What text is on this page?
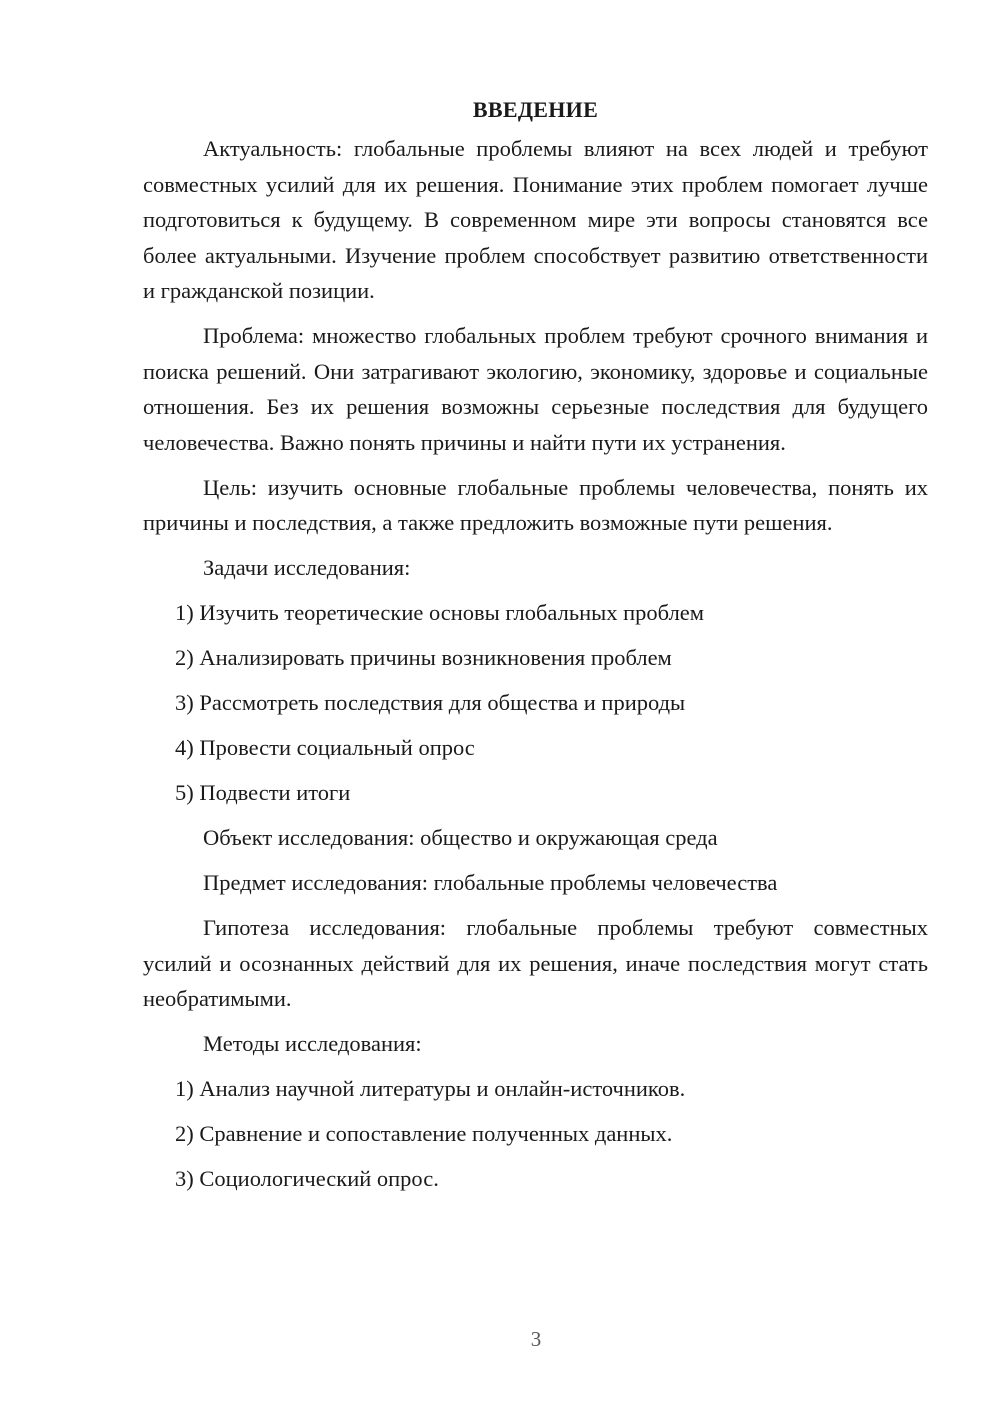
ВВЕДЕНИЕ

Актуальность: глобальные проблемы влияют на всех людей и требуют совместных усилий для их решения. Понимание этих проблем помогает лучше подготовиться к будущему. В современном мире эти вопросы становятся все более актуальными. Изучение проблем способствует развитию ответственности и гражданской позиции.

Проблема: множество глобальных проблем требуют срочного внимания и поиска решений. Они затрагивают экологию, экономику, здоровье и социальные отношения. Без их решения возможны серьезные последствия для будущего человечества. Важно понять причины и найти пути их устранения.

Цель: изучить основные глобальные проблемы человечества, понять их причины и последствия, а также предложить возможные пути решения.

Задачи исследования:
1) Изучить теоретические основы глобальных проблем
2) Анализировать причины возникновения проблем
3) Рассмотреть последствия для общества и природы
4) Провести социальный опрос
5) Подвести итоги
Объект исследования: общество и окружающая среда
Предмет исследования: глобальные проблемы человечества

Гипотеза исследования: глобальные проблемы требуют совместных усилий и осознанных действий для их решения, иначе последствия могут стать необратимыми.

Методы исследования:
1) Анализ научной литературы и онлайн-источников.
2) Сравнение и сопоставление полученных данных.
3) Социологический опрос.
3
